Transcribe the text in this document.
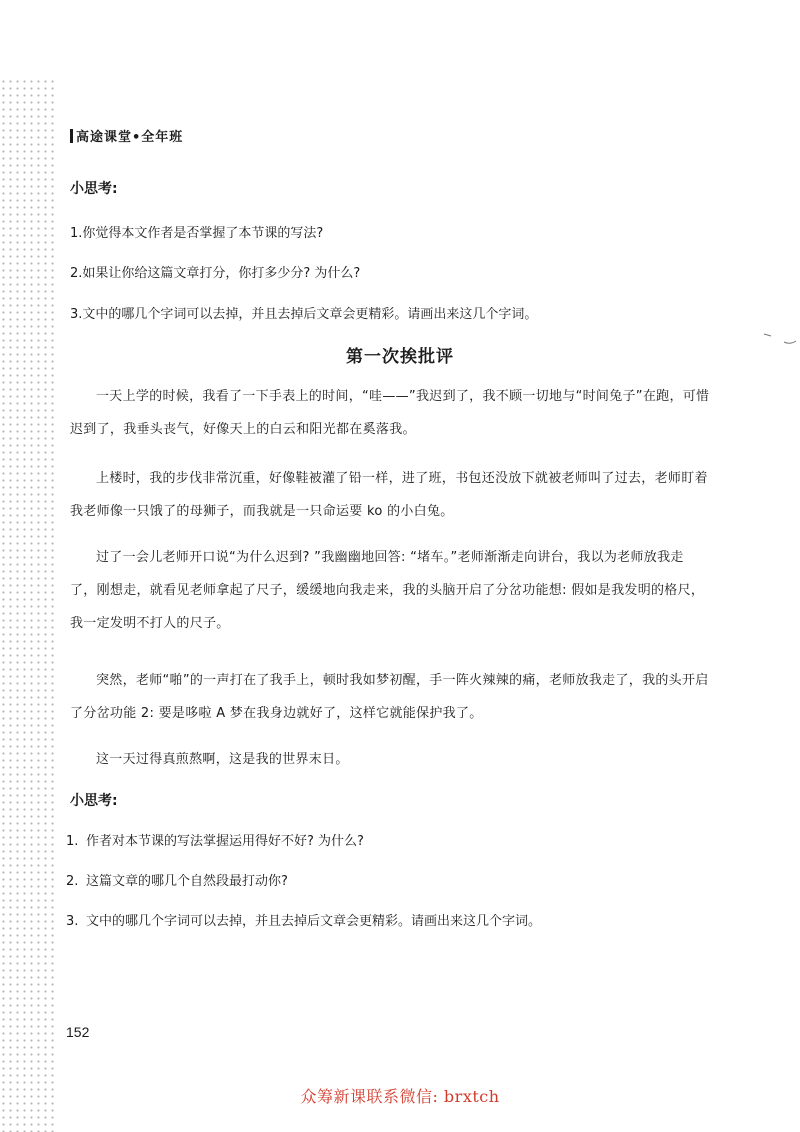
高途课堂•全年班
小思考:
1.你觉得本文作者是否掌握了本节课的写法?
2.如果让你给这篇文章打分，你打多少分? 为什么?
3.文中的哪几个字词可以去掉，并且去掉后文章会更精彩。请画出来这几个字词。
第一次挨批评
一天上学的时候，我看了一下手表上的时间，“哇——”我迟到了，我不顾一切地与“时间兔子”在跑，可惜迟到了，我垂头丧气，好像天上的白云和阳光都在奚落我。
上楼时，我的步伐非常沉重，好像鞋被灌了铅一样，进了班，书包还没放下就被老师叫了过去，老师盯着我老师像一只饿了的母狮子，而我就是一只命运要 ko 的小白兔。
过了一会儿老师开口说“为什么迟到? ”我幽幽地回答: “堵车。”老师渐渐走向讲台，我以为老师放我走了，刚想走，就看见老师拿起了尺子，缓缓地向我走来，我的头脑开启了分岔功能想: 假如是我发明的格尺，我一定发明不打人的尺子。
突然，老师“啪”的一声打在了我手上，顿时我如梦初醒，手一阵火辣辣的痛，老师放我走了，我的头开启了分岔功能 2: 要是哆啦 A 梦在我身边就好了，这样它就能保护我了。
这一天过得真煎熬啊，这是我的世界末日。
小思考:
1. 作者对本节课的写法掌握运用得好不好? 为什么?
2. 这篇文章的哪几个自然段最打动你?
3. 文中的哪几个字词可以去掉，并且去掉后文章会更精彩。请画出来这几个字词。
152
众筹新课联系微信: brxtch
